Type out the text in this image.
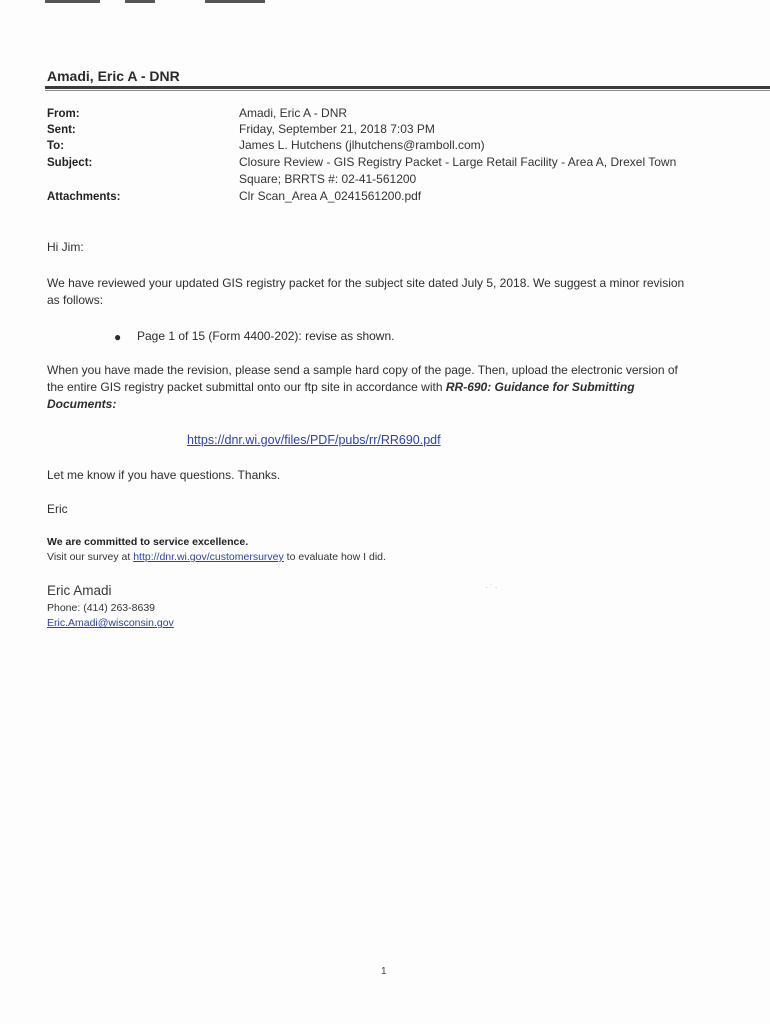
Amadi, Eric A - DNR
From:	Amadi, Eric A - DNR
Sent:	Friday, September 21, 2018 7:03 PM
To:	James L. Hutchens (jlhutchens@ramboll.com)
Subject:	Closure Review - GIS Registry Packet - Large Retail Facility - Area A, Drexel Town
Square; BRRTS #: 02-41-561200
Attachments:	Clr Scan_Area A_0241561200.pdf
Hi Jim:
We have reviewed your updated GIS registry packet for the subject site dated July 5, 2018. We suggest a minor revision
as follows:
● Page 1 of 15 (Form 4400-202): revise as shown.
When you have made the revision, please send a sample hard copy of the page. Then, upload the electronic version of
the entire GIS registry packet submittal onto our ftp site in accordance with RR-690: Guidance for Submitting
Documents:
https://dnr.wi.gov/files/PDF/pubs/rr/RR690.pdf
Let me know if you have questions. Thanks.
Eric
We are committed to service excellence.
Visit our survey at http://dnr.wi.gov/customersurvey to evaluate how I did.
Eric Amadi
Phone: (414) 263-8639
Eric.Amadi@wisconsin.gov
· ˙ ·
1
